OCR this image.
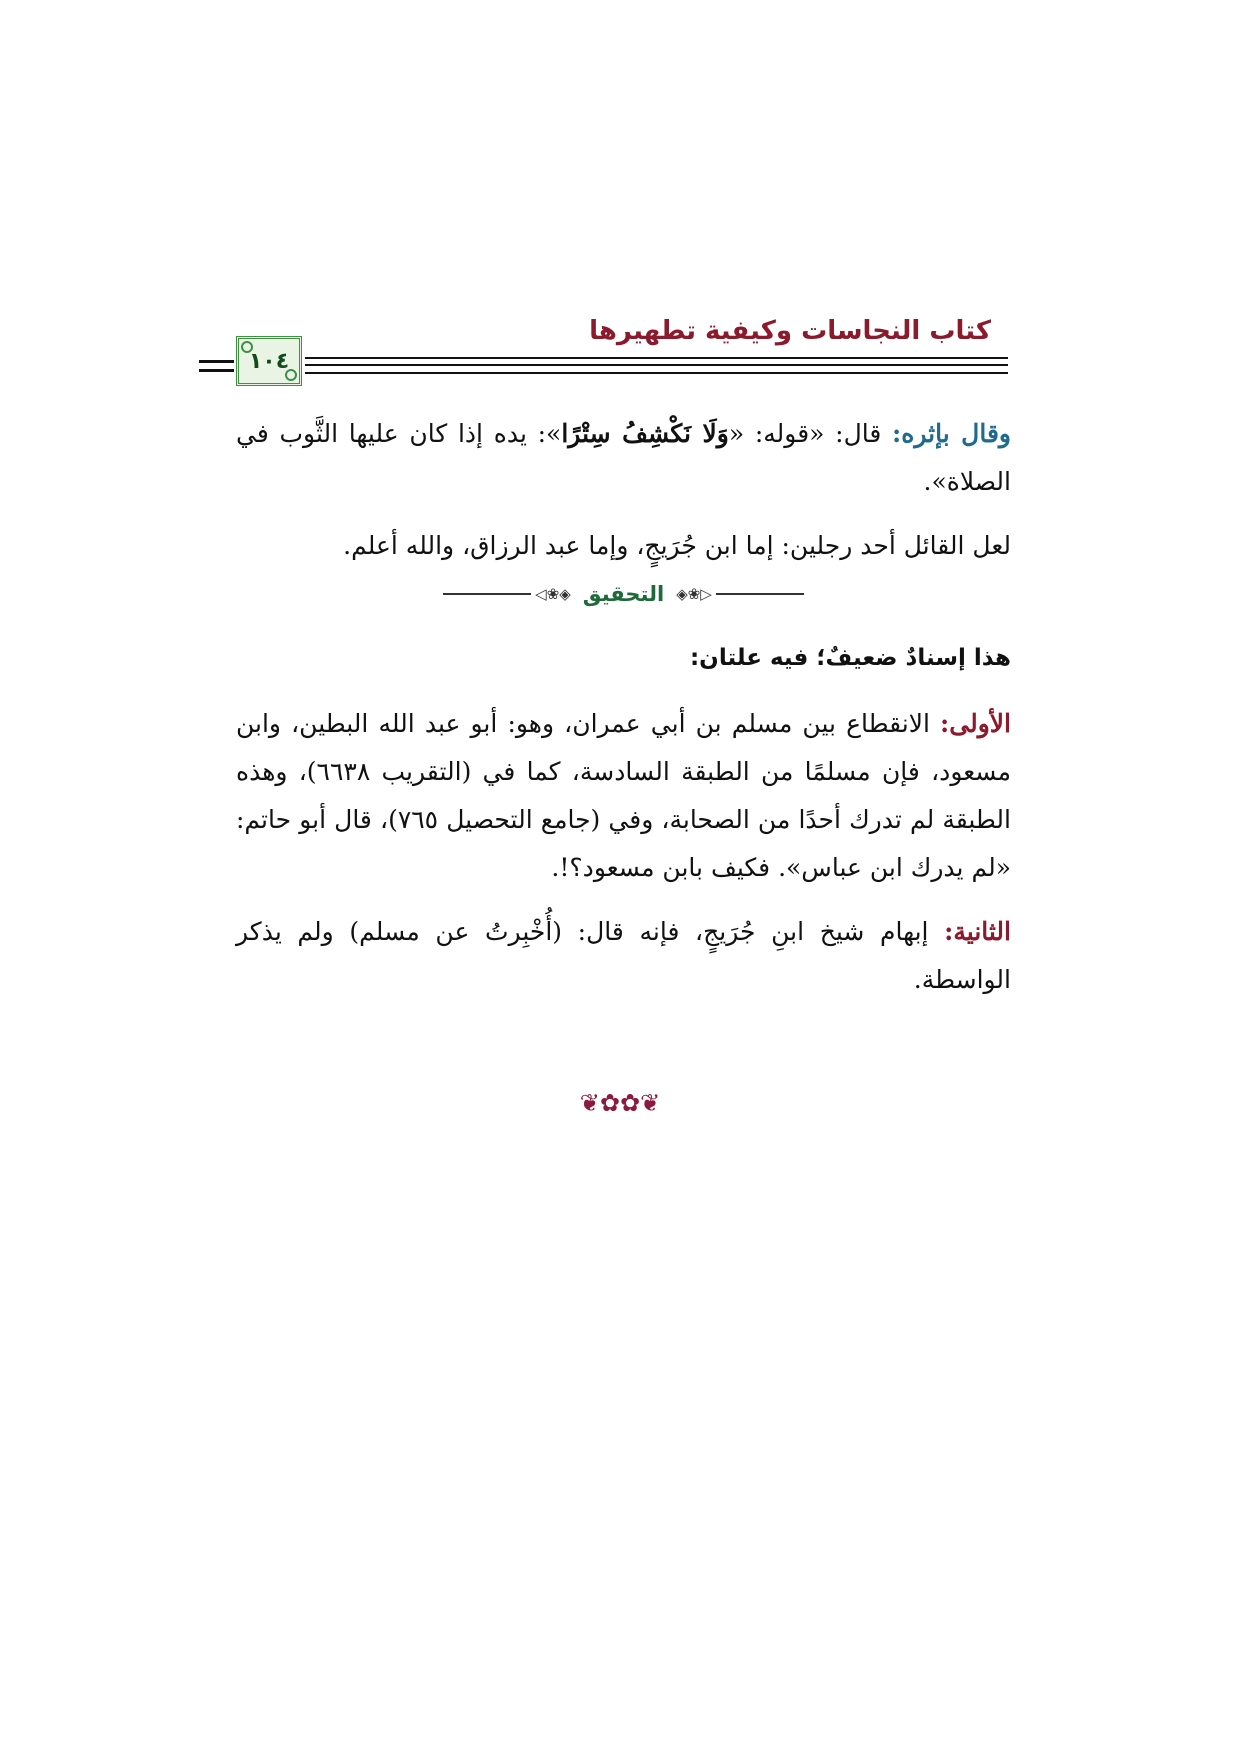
كتاب النجاسات وكيفية تطهيرها
١٠٤

وقال بإثره: قال: «قوله: «وَلَا نَكْشِفُ سِتْرًا»: يده إذا كان عليها الثَّوب في الصلاة».

لعل القائل أحد رجلين: إما ابن جُرَيجٍ، وإما عبد الرزاق، والله أعلم.

◁❀◈ التحقيق ◈❀▷

هذا إسنادٌ ضعيفٌ؛ فيه علتان:

الأولى: الانقطاع بين مسلم بن أبي عمران، وهو: أبو عبد الله البطين، وابن مسعود، فإن مسلمًا من الطبقة السادسة، كما في (التقريب ٦٦٣٨)، وهذه الطبقة لم تدرك أحدًا من الصحابة، وفي (جامع التحصيل ٧٦٥)، قال أبو حاتم: «لم يدرك ابن عباس». فكيف بابن مسعود؟!.

الثانية: إبهام شيخ ابنِ جُرَيجٍ، فإنه قال: (أُخْبِرتُ عن مسلم) ولم يذكر الواسطة.

❦✿✿❦
